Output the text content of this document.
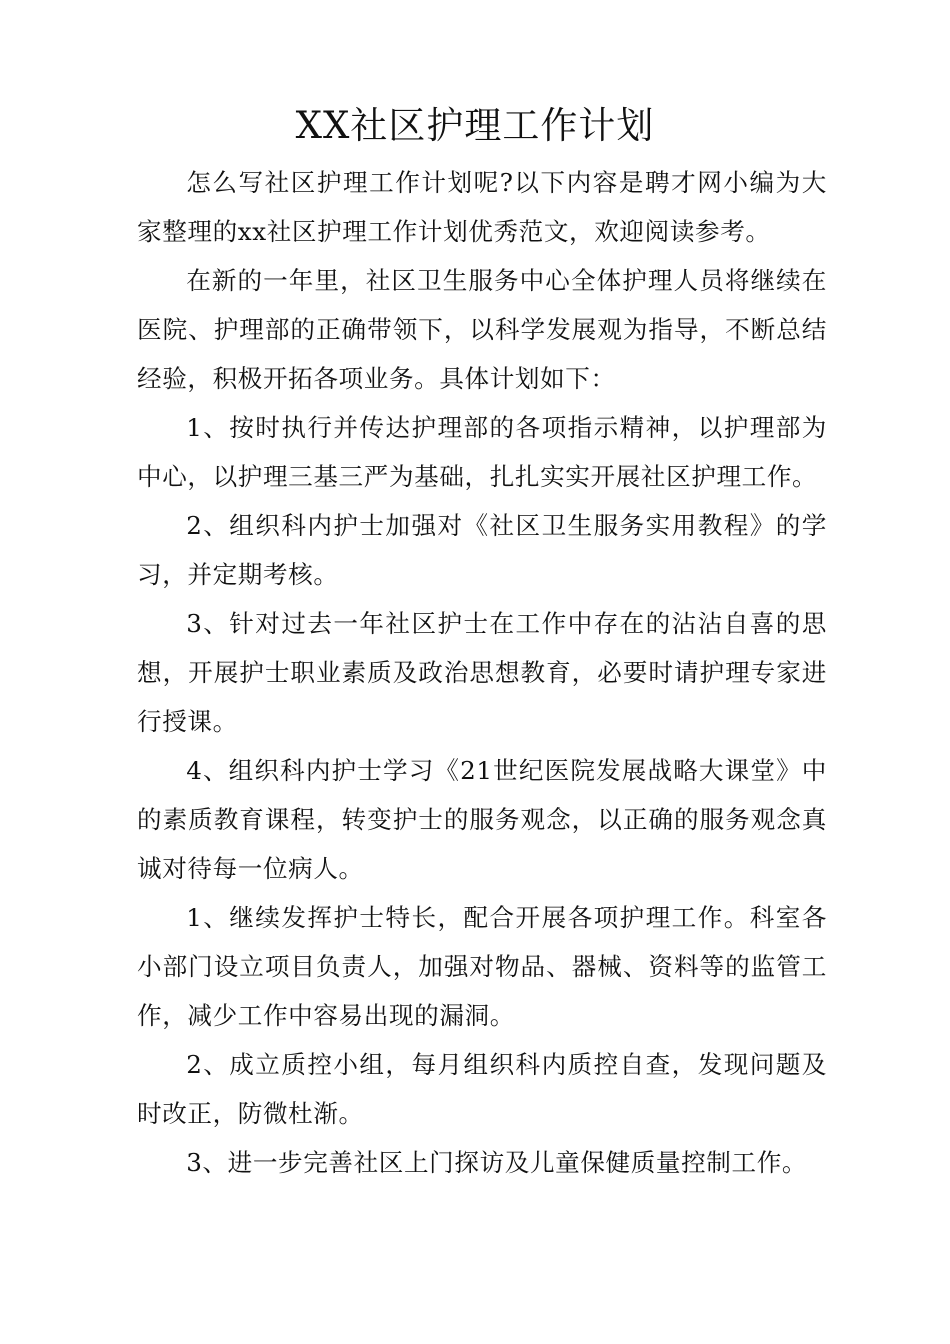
XX社区护理工作计划

怎么写社区护理工作计划呢?以下内容是聘才网小编为大家整理的xx社区护理工作计划优秀范文，欢迎阅读参考。

在新的一年里，社区卫生服务中心全体护理人员将继续在医院、护理部的正确带领下，以科学发展观为指导，不断总结经验，积极开拓各项业务。具体计划如下：

1、按时执行并传达护理部的各项指示精神，以护理部为中心，以护理三基三严为基础，扎扎实实开展社区护理工作。

2、组织科内护士加强对《社区卫生服务实用教程》的学习，并定期考核。

3、针对过去一年社区护士在工作中存在的沾沾自喜的思想，开展护士职业素质及政治思想教育，必要时请护理专家进行授课。

4、组织科内护士学习《21世纪医院发展战略大课堂》中的素质教育课程，转变护士的服务观念，以正确的服务观念真诚对待每一位病人。

1、继续发挥护士特长，配合开展各项护理工作。科室各小部门设立项目负责人，加强对物品、器械、资料等的监管工作，减少工作中容易出现的漏洞。

2、成立质控小组，每月组织科内质控自查，发现问题及时改正，防微杜渐。

3、进一步完善社区上门探访及儿童保健质量控制工作。
